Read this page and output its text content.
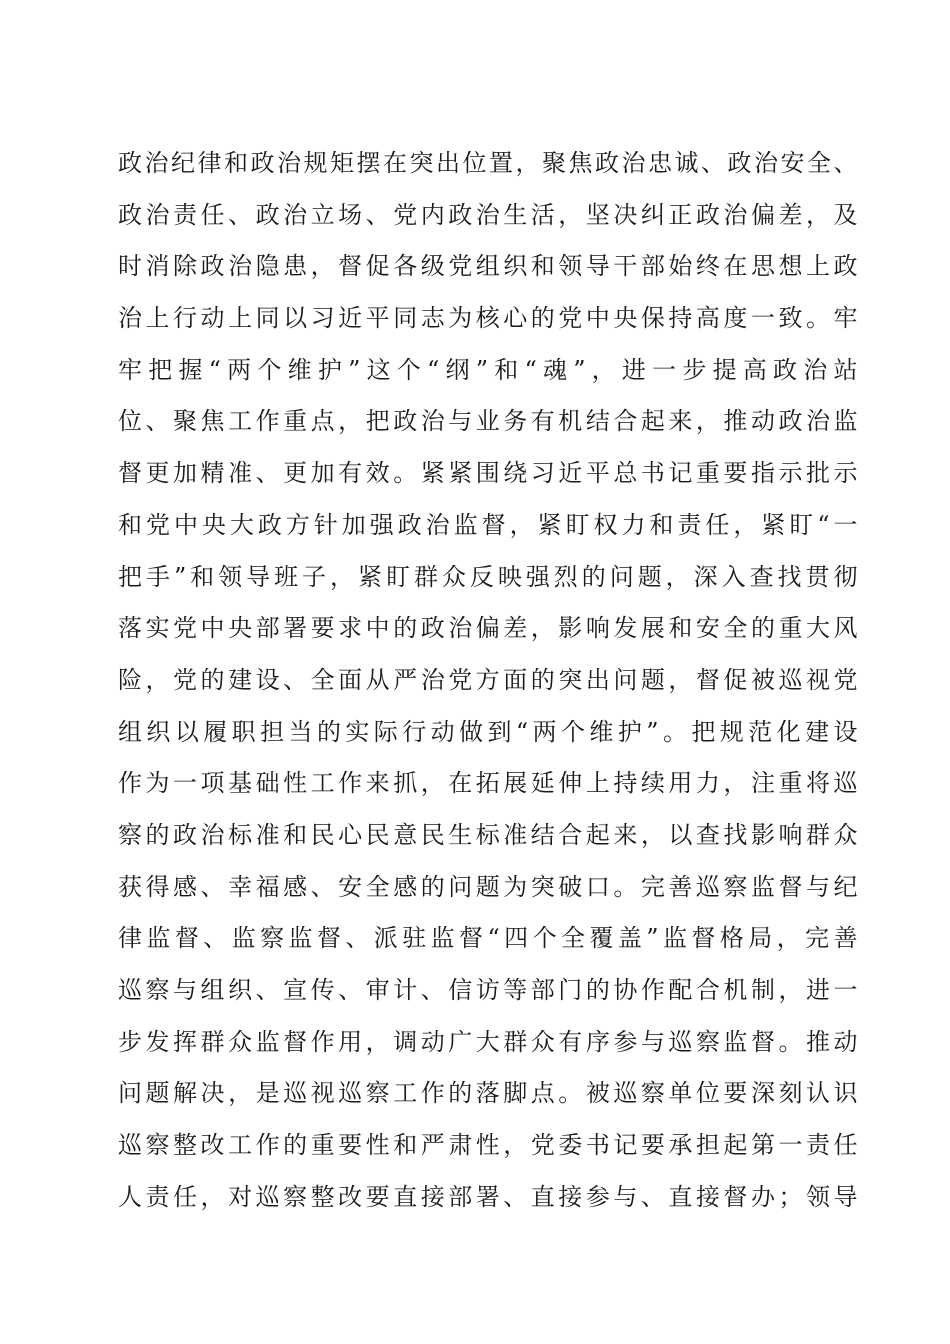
政治纪律和政治规矩摆在突出位置，聚焦政治忠诚、政治安全、
政治责任、政治立场、党内政治生活，坚决纠正政治偏差，及
时消除政治隐患，督促各级党组织和领导干部始终在思想上政
治上行动上同以习近平同志为核心的党中央保持高度一致。牢
牢把握“两个维护”这个“纲”和“魂”，进一步提高政治站
位、聚焦工作重点，把政治与业务有机结合起来，推动政治监
督更加精准、更加有效。紧紧围绕习近平总书记重要指示批示
和党中央大政方针加强政治监督，紧盯权力和责任，紧盯“一
把手”和领导班子，紧盯群众反映强烈的问题，深入查找贯彻
落实党中央部署要求中的政治偏差，影响发展和安全的重大风
险，党的建设、全面从严治党方面的突出问题，督促被巡视党
组织以履职担当的实际行动做到“两个维护”。把规范化建设
作为一项基础性工作来抓，在拓展延伸上持续用力，注重将巡
察的政治标准和民心民意民生标准结合起来，以查找影响群众
获得感、幸福感、安全感的问题为突破口。完善巡察监督与纪
律监督、监察监督、派驻监督“四个全覆盖”监督格局，完善
巡察与组织、宣传、审计、信访等部门的协作配合机制，进一
步发挥群众监督作用，调动广大群众有序参与巡察监督。推动
问题解决，是巡视巡察工作的落脚点。被巡察单位要深刻认识
巡察整改工作的重要性和严肃性，党委书记要承担起第一责任
人责任，对巡察整改要直接部署、直接参与、直接督办；领导
